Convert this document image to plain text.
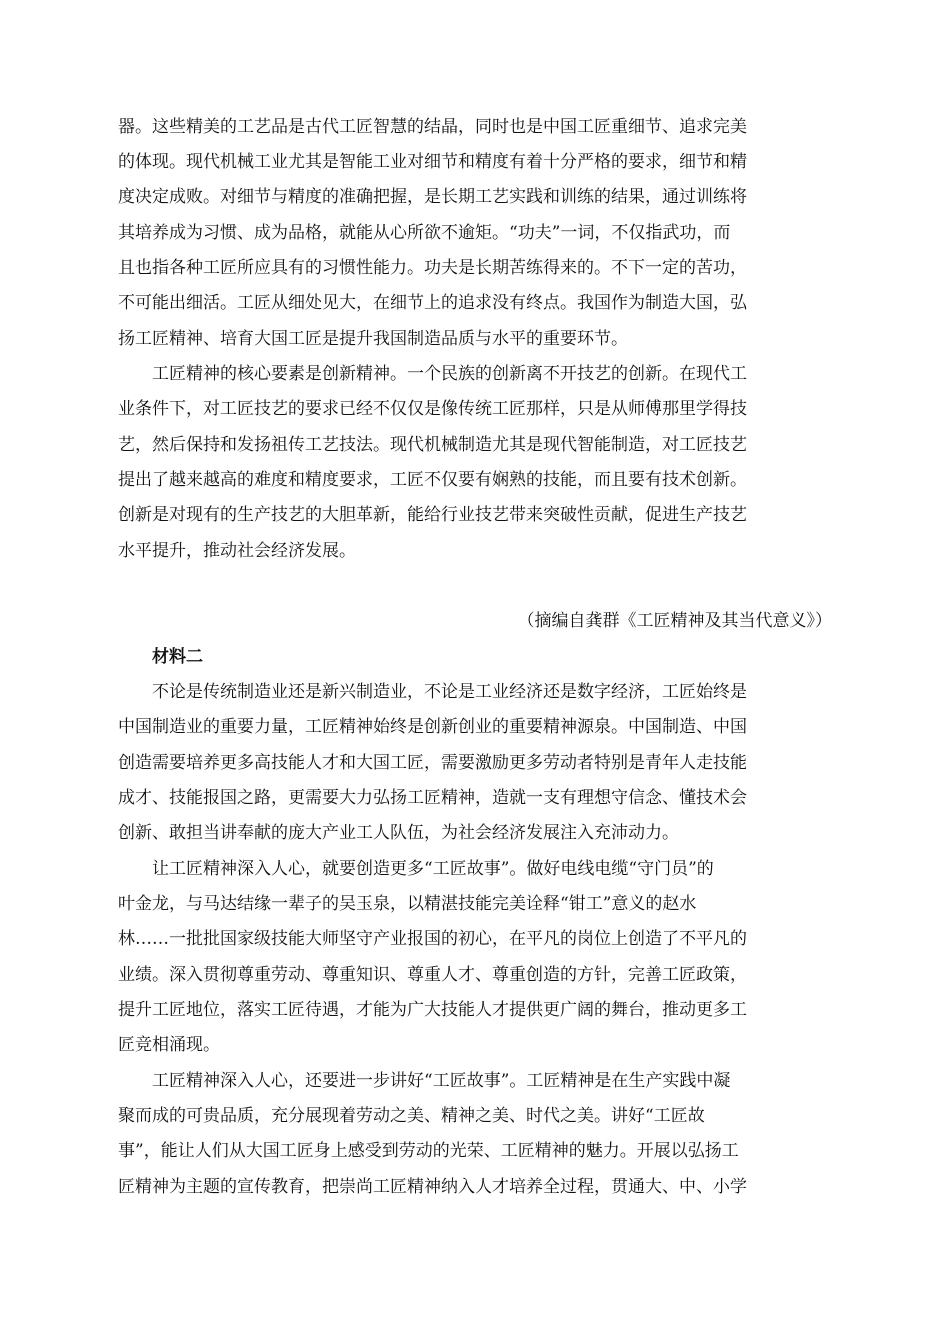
器。这些精美的工艺品是古代工匠智慧的结晶，同时也是中国工匠重细节、追求完美
的体现。现代机械工业尤其是智能工业对细节和精度有着十分严格的要求，细节和精
度决定成败。对细节与精度的准确把握，是长期工艺实践和训练的结果，通过训练将
其培养成为习惯、成为品格，就能从心所欲不逾矩。“功夫”一词，不仅指武功，而
且也指各种工匠所应具有的习惯性能力。功夫是长期苦练得来的。不下一定的苦功，
不可能出细活。工匠从细处见大，在细节上的追求没有终点。我国作为制造大国，弘
扬工匠精神、培育大国工匠是提升我国制造品质与水平的重要环节。
工匠精神的核心要素是创新精神。一个民族的创新离不开技艺的创新。在现代工
业条件下，对工匠技艺的要求已经不仅仅是像传统工匠那样，只是从师傅那里学得技
艺，然后保持和发扬祖传工艺技法。现代机械制造尤其是现代智能制造，对工匠技艺
提出了越来越高的难度和精度要求，工匠不仅要有娴熟的技能，而且要有技术创新。
创新是对现有的生产技艺的大胆革新，能给行业技艺带来突破性贡献，促进生产技艺
水平提升，推动社会经济发展。
（摘编自龚群《工匠精神及其当代意义》）
材料二
不论是传统制造业还是新兴制造业，不论是工业经济还是数字经济，工匠始终是
中国制造业的重要力量，工匠精神始终是创新创业的重要精神源泉。中国制造、中国
创造需要培养更多高技能人才和大国工匠，需要激励更多劳动者特别是青年人走技能
成才、技能报国之路，更需要大力弘扬工匠精神，造就一支有理想守信念、懂技术会
创新、敢担当讲奉献的庞大产业工人队伍，为社会经济发展注入充沛动力。
让工匠精神深入人心，就要创造更多“工匠故事”。做好电线电缆“守门员”的
叶金龙，与马达结缘一辈子的吴玉泉，以精湛技能完美诠释“钳工”意义的赵水
林……一批批国家级技能大师坚守产业报国的初心，在平凡的岗位上创造了不平凡的
业绩。深入贯彻尊重劳动、尊重知识、尊重人才、尊重创造的方针，完善工匠政策，
提升工匠地位，落实工匠待遇，才能为广大技能人才提供更广阔的舞台，推动更多工
匠竞相涌现。
工匠精神深入人心，还要进一步讲好“工匠故事”。工匠精神是在生产实践中凝
聚而成的可贵品质，充分展现着劳动之美、精神之美、时代之美。讲好“工匠故
事”，能让人们从大国工匠身上感受到劳动的光荣、工匠精神的魅力。开展以弘扬工
匠精神为主题的宣传教育，把崇尚工匠精神纳入人才培养全过程，贯通大、中、小学
